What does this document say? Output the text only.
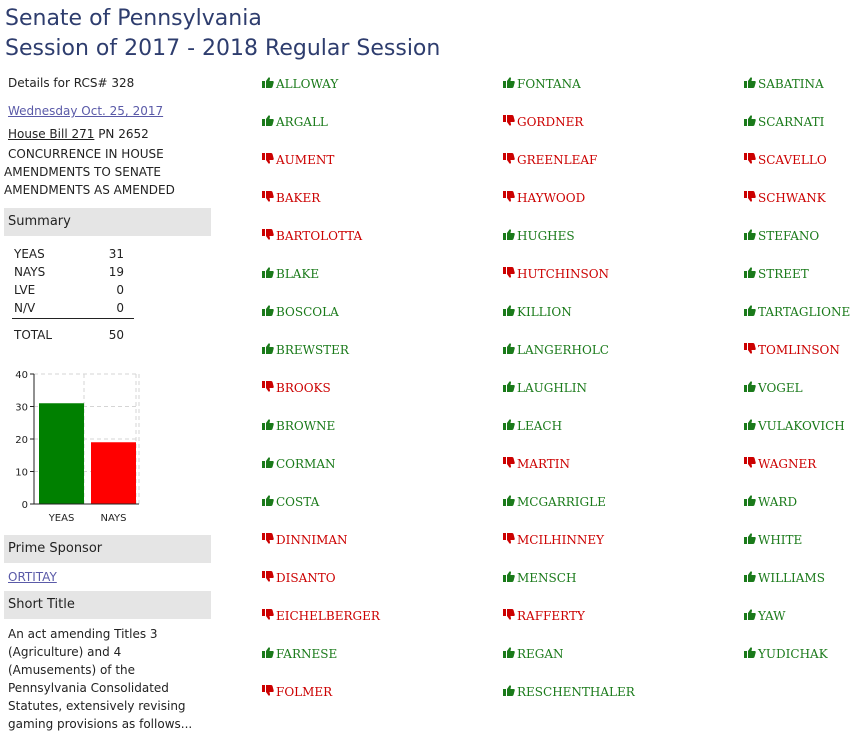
Senate of Pennsylvania
Session of 2017 - 2018 Regular Session
Details for RCS# 328
Wednesday Oct. 25, 2017
House Bill 271 PN 2652
CONCURRENCE IN HOUSE
AMENDMENTS TO SENATE
AMENDMENTS AS AMENDED
Summary
YEAS	31
NAYS	19
LVE	0
N/V	0
TOTAL	50
YEAS	NAYS
0
10
20
30
40
Prime Sponsor
ORTITAY
Short Title
An act amending Titles 3 (Agriculture) and 4 (Amusements) of the Pennsylvania Consolidated Statutes, extensively revising gaming provisions as follows...
ALLOWAY
ARGALL
AUMENT
BAKER
BARTOLOTTA
BLAKE
BOSCOLA
BREWSTER
BROOKS
BROWNE
CORMAN
COSTA
DINNIMAN
DISANTO
EICHELBERGER
FARNESE
FOLMER
FONTANA
GORDNER
GREENLEAF
HAYWOOD
HUGHES
HUTCHINSON
KILLION
LANGERHOLC
LAUGHLIN
LEACH
MARTIN
MCGARRIGLE
MCILHINNEY
MENSCH
RAFFERTY
REGAN
RESCHENTHALER
SABATINA
SCARNATI
SCAVELLO
SCHWANK
STEFANO
STREET
TARTAGLIONE
TOMLINSON
VOGEL
VULAKOVICH
WAGNER
WARD
WHITE
WILLIAMS
YAW
YUDICHAK
